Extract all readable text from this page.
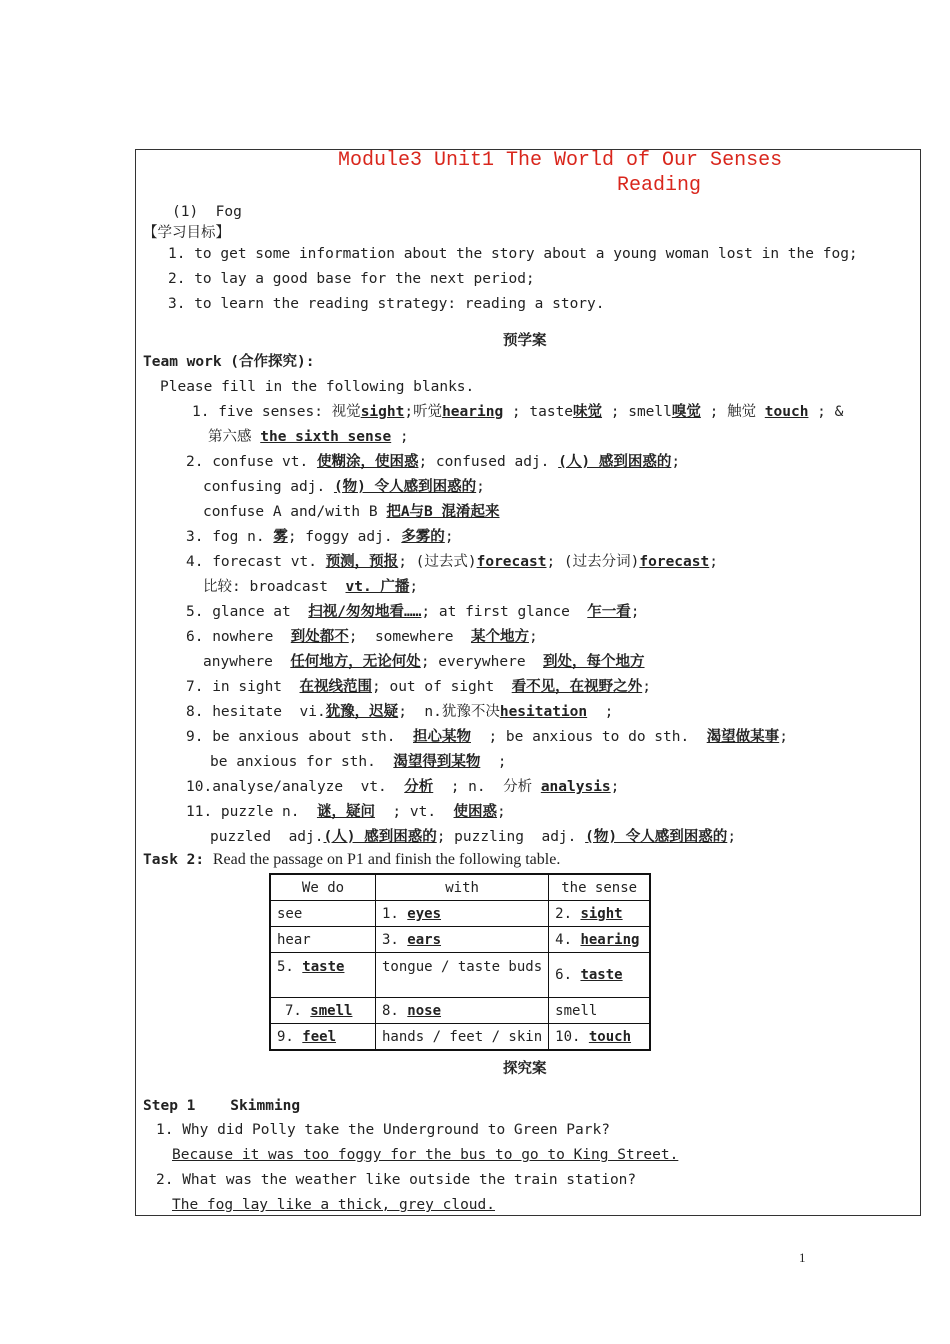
Module3 Unit1 The World of Our Senses
Reading
(1)  Fog
【学习目标】
1. to get some information about the story about a young woman lost in the fog;
2. to lay a good base for the next period;
3. to learn the reading strategy: reading a story.
预学案
Team work (合作探究):
Please fill in the following blanks.
1. five senses: 视觉sight;听觉hearing ; taste味觉 ; smell嗅觉 ; 触觉 touch ; &
第六感 the sixth sense ;
2. confuse vt. 使糊涂，使困惑; confused adj. (人) 感到困惑的;
confusing adj. (物) 令人感到困惑的;
confuse A and/with B 把A与B 混淆起来
3. fog n. 雾; foggy adj. 多雾的;
4. forecast vt. 预测，预报; (过去式)forecast; (过去分词)forecast;
比较: broadcast  vt. 广播;
5. glance at  扫视/匆匆地看……; at first glance  乍一看;
6. nowhere  到处都不;  somewhere  某个地方;
anywhere  任何地方，无论何处; everywhere  到处，每个地方
7. in sight  在视线范围; out of sight  看不见，在视野之外;
8. hesitate  vi.犹豫，迟疑;  n.犹豫不决hesitation  ;
9. be anxious about sth.  担心某物  ; be anxious to do sth.  渴望做某事;
be anxious for sth.  渴望得到某物  ;
10.analyse/analyze  vt.  分析  ; n.  分析 analysis;
11. puzzle n.  谜，疑问  ; vt.  使困惑;
puzzled  adj.(人) 感到困惑的; puzzling  adj. (物) 令人感到困惑的;
Task 2: Read the passage on P1 and finish the following table.
We do	with	the sense
see	1. eyes	2. sight
hear	3. ears	4. hearing
5. taste	tongue / taste buds	6. taste
7. smell	8. nose	smell
9. feel	hands / feet / skin	10. touch
探究案
Step 1    Skimming
1. Why did Polly take the Underground to Green Park?
Because it was too foggy for the bus to go to King Street.
2. What was the weather like outside the train station?
The fog lay like a thick, grey cloud.
1
